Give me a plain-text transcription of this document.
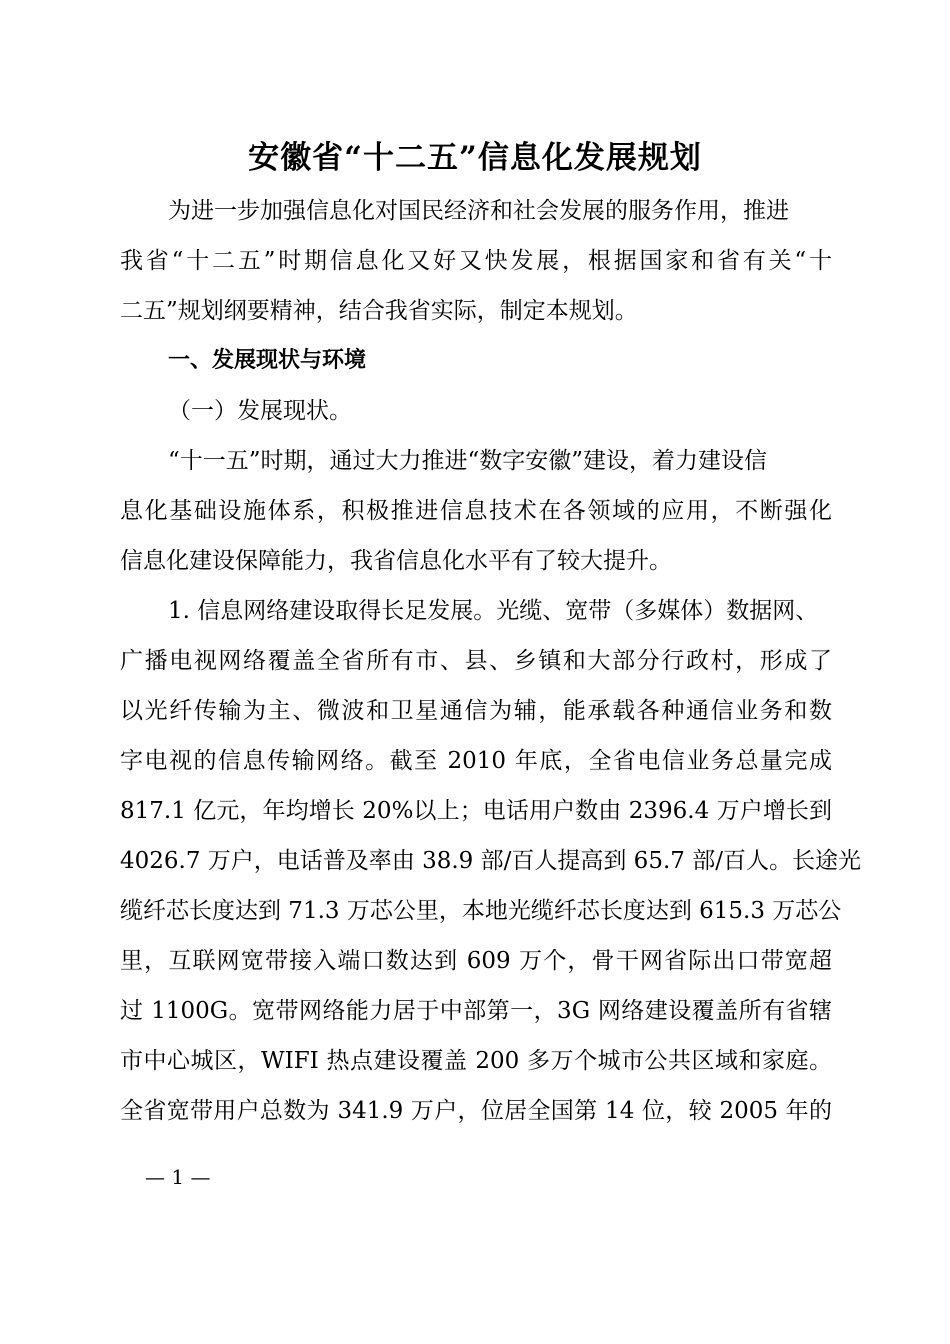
安徽省“十二五”信息化发展规划
为进一步加强信息化对国民经济和社会发展的服务作用，推进
我省“十二五”时期信息化又好又快发展，根据国家和省有关“十
二五”规划纲要精神，结合我省实际，制定本规划。
一、发展现状与环境
（一）发展现状。
“十一五”时期，通过大力推进“数字安徽”建设，着力建设信
息化基础设施体系，积极推进信息技术在各领域的应用，不断强化
信息化建设保障能力，我省信息化水平有了较大提升。
1. 信息网络建设取得长足发展。光缆、宽带（多媒体）数据网、
广播电视网络覆盖全省所有市、县、乡镇和大部分行政村，形成了
以光纤传输为主、微波和卫星通信为辅，能承载各种通信业务和数
字电视的信息传输网络。截至 2010 年底，全省电信业务总量完成
817.1 亿元，年均增长 20%以上；电话用户数由 2396.4 万户增长到
4026.7 万户，电话普及率由 38.9 部/百人提高到 65.7 部/百人。长途光
缆纤芯长度达到 71.3 万芯公里，本地光缆纤芯长度达到 615.3 万芯公
里，互联网宽带接入端口数达到 609 万个，骨干网省际出口带宽超
过 1100G。宽带网络能力居于中部第一，3G 网络建设覆盖所有省辖
市中心城区，WIFI 热点建设覆盖 200 多万个城市公共区域和家庭。
全省宽带用户总数为 341.9 万户，位居全国第 14 位，较 2005 年的
— 1 —
